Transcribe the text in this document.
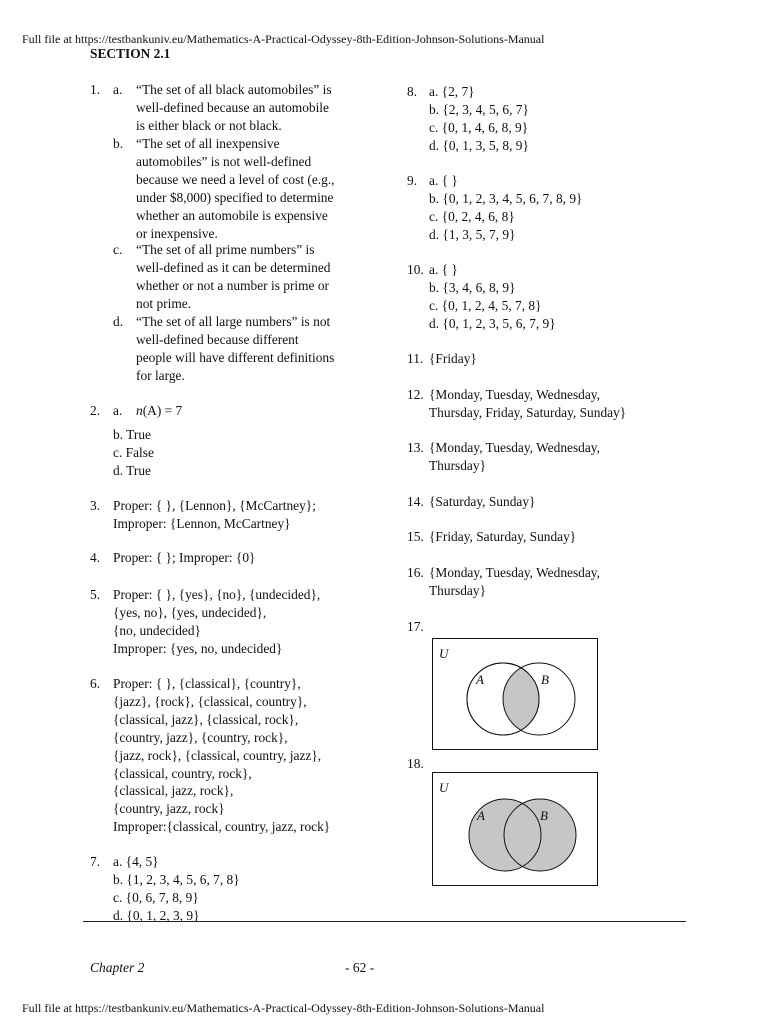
Full file at https://testbankuniv.eu/Mathematics-A-Practical-Odyssey-8th-Edition-Johnson-Solutions-Manual
SECTION 2.1
1. a. “The set of all black automobiles” is
well-defined because an automobile
is either black or not black.
b. “The set of all inexpensive
automobiles” is not well-defined
because we need a level of cost (e.g.,
under $8,000) specified to determine
whether an automobile is expensive
or inexpensive.
c. “The set of all prime numbers” is
well-defined as it can be determined
whether or not a number is prime or
not prime.
d. “The set of all large numbers” is not
well-defined because different
people will have different definitions
for large.
2. a. n(A) = 7
b. True
c. False
d. True
3. Proper: { }, {Lennon}, {McCartney};
Improper: {Lennon, McCartney}
4. Proper: { }; Improper: {0}
5. Proper: { }, {yes}, {no}, {undecided},
{yes, no}, {yes, undecided},
{no, undecided}
Improper: {yes, no, undecided}
6. Proper: { }, {classical}, {country},
{jazz}, {rock}, {classical, country},
{classical, jazz}, {classical, rock},
{country, jazz}, {country, rock},
{jazz, rock}, {classical, country, jazz},
{classical, country, rock},
{classical, jazz, rock},
{country, jazz, rock}
Improper:{classical, country, jazz, rock}
7. a. {4, 5}
b. {1, 2, 3, 4, 5, 6, 7, 8}
c. {0, 6, 7, 8, 9}
d. {0, 1, 2, 3, 9}
8. a. {2, 7}
b. {2, 3, 4, 5, 6, 7}
c. {0, 1, 4, 6, 8, 9}
d. {0, 1, 3, 5, 8, 9}
9. a. { }
b. {0, 1, 2, 3, 4, 5, 6, 7, 8, 9}
c. {0, 2, 4, 6, 8}
d. {1, 3, 5, 7, 9}
10. a. { }
b. {3, 4, 6, 8, 9}
c. {0, 1, 2, 4, 5, 7, 8}
d. {0, 1, 2, 3, 5, 6, 7, 9}
11. {Friday}
12. {Monday, Tuesday, Wednesday,
Thursday, Friday, Saturday, Sunday}
13. {Monday, Tuesday, Wednesday,
Thursday}
14. {Saturday, Sunday}
15. {Friday, Saturday, Sunday}
16. {Monday, Tuesday, Wednesday,
Thursday}
17.
U
A	B
18.
U
A	B
Chapter 2	- 62 -
Full file at https://testbankuniv.eu/Mathematics-A-Practical-Odyssey-8th-Edition-Johnson-Solutions-Manual
